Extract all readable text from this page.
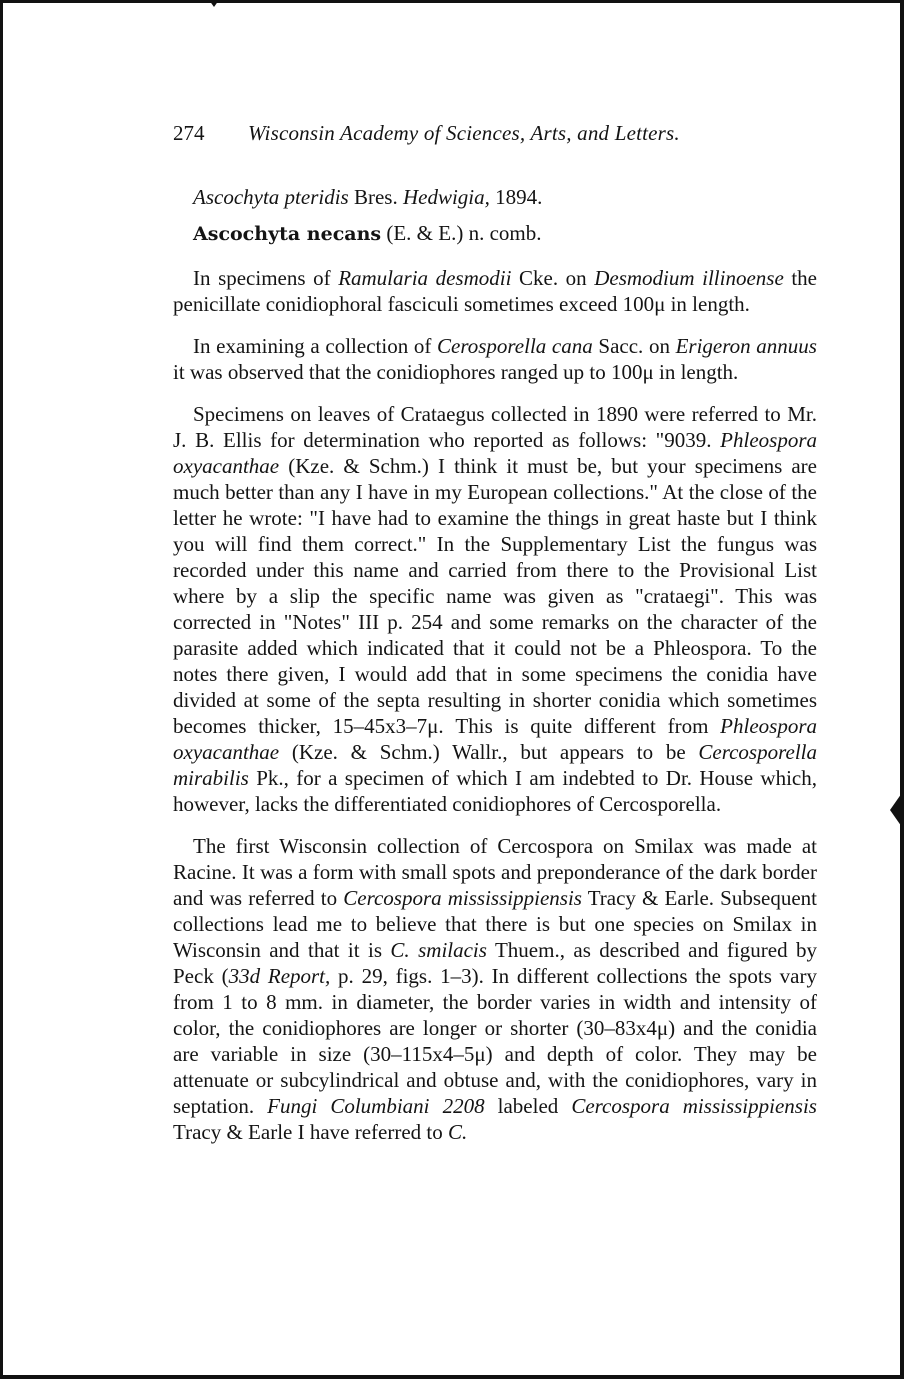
274 Wisconsin Academy of Sciences, Arts, and Letters.
Ascochyta pteridis Bres. Hedwigia, 1894.
Ascochyta necans (E. & E.) n. comb.

In specimens of Ramularia desmodii Cke. on Desmodium illinoense the penicillate conidiophoral fasciculi sometimes exceed 100μ in length.

In examining a collection of Cerosporella cana Sacc. on Erigeron annuus it was observed that the conidiophores ranged up to 100μ in length.

Specimens on leaves of Crataegus collected in 1890 were referred to Mr. J. B. Ellis for determination who reported as follows: "9039. Phleospora oxyacanthae (Kze. & Schm.) I think it must be, but your specimens are much better than any I have in my European collections." At the close of the letter he wrote: "I have had to examine the things in great haste but I think you will find them correct." In the Supplementary List the fungus was recorded under this name and carried from there to the Provisional List where by a slip the specific name was given as "crataegi". This was corrected in "Notes" III p. 254 and some remarks on the character of the parasite added which indicated that it could not be a Phleospora. To the notes there given, I would add that in some specimens the conidia have divided at some of the septa resulting in shorter conidia which sometimes becomes thicker, 15–45x3–7μ. This is quite different from Phleospora oxyacanthae (Kze. & Schm.) Wallr., but appears to be Cercosporella mirabilis Pk., for a specimen of which I am indebted to Dr. House which, however, lacks the differentiated conidiophores of Cercosporella.

The first Wisconsin collection of Cercospora on Smilax was made at Racine. It was a form with small spots and preponderance of the dark border and was referred to Cercospora mississippiensis Tracy & Earle. Subsequent collections lead me to believe that there is but one species on Smilax in Wisconsin and that it is C. smilacis Thuem., as described and figured by Peck (33d Report, p. 29, figs. 1–3). In different collections the spots vary from 1 to 8 mm. in diameter, the border varies in width and intensity of color, the conidiophores are longer or shorter (30–83x4μ) and the conidia are variable in size (30–115x4–5μ) and depth of color. They may be attenuate or subcylindrical and obtuse and, with the conidiophores, vary in septation. Fungi Columbiani 2208 labeled Cercospora mississippiensis Tracy & Earle I have referred to C.
